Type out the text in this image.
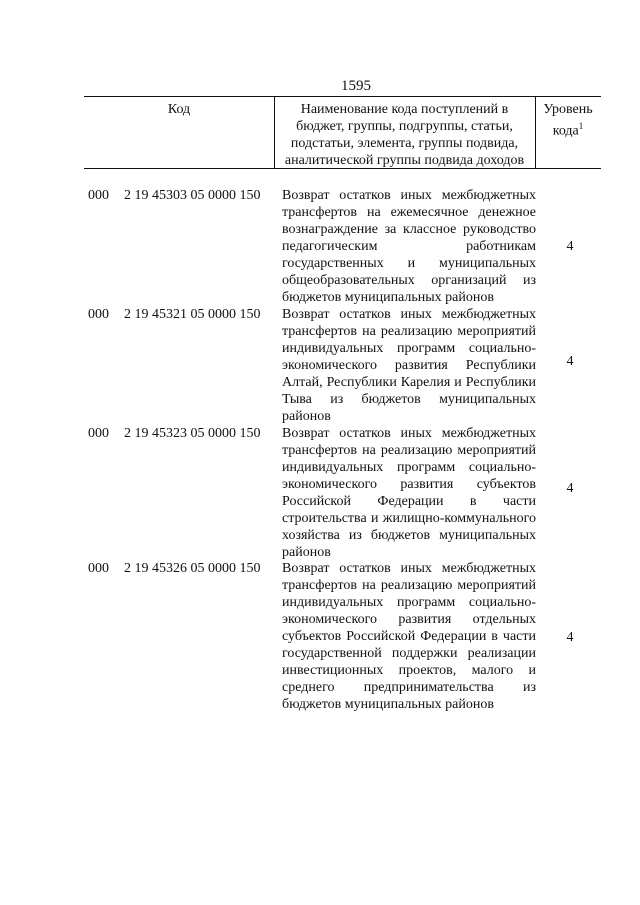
1595
Код	Наименование кода поступлений в бюджет, группы, подгруппы, статьи, подстатьи, элемента, группы подвида, аналитической группы подвида доходов
Уровень кода$^1$
000 2 19 45303 05 0000 150 Возврат остатков иных межбюджетных трансфертов на ежемесячное денежное вознаграждение за классное руководство педагогическим работникам государственных и муниципальных общеобразовательных организаций из бюджетов муниципальных районов
4
000 2 19 45321 05 0000 150 Возврат остатков иных межбюджетных трансфертов на реализацию мероприятий индивидуальных программ социально-экономического развития Республики Алтай, Республики Карелия и Республики Тыва из бюджетов муниципальных районов
4
000 2 19 45323 05 0000 150 Возврат остатков иных межбюджетных трансфертов на реализацию мероприятий индивидуальных программ социально-экономического развития субъектов Российской Федерации в части строительства и жилищно-коммунального хозяйства из бюджетов муниципальных районов
4
000 2 19 45326 05 0000 150 Возврат остатков иных межбюджетных трансфертов на реализацию мероприятий индивидуальных программ социально-экономического развития отдельных субъектов Российской Федерации в части государственной поддержки реализации инвестиционных проектов, малого и среднего предпринимательства из бюджетов муниципальных районов
4
